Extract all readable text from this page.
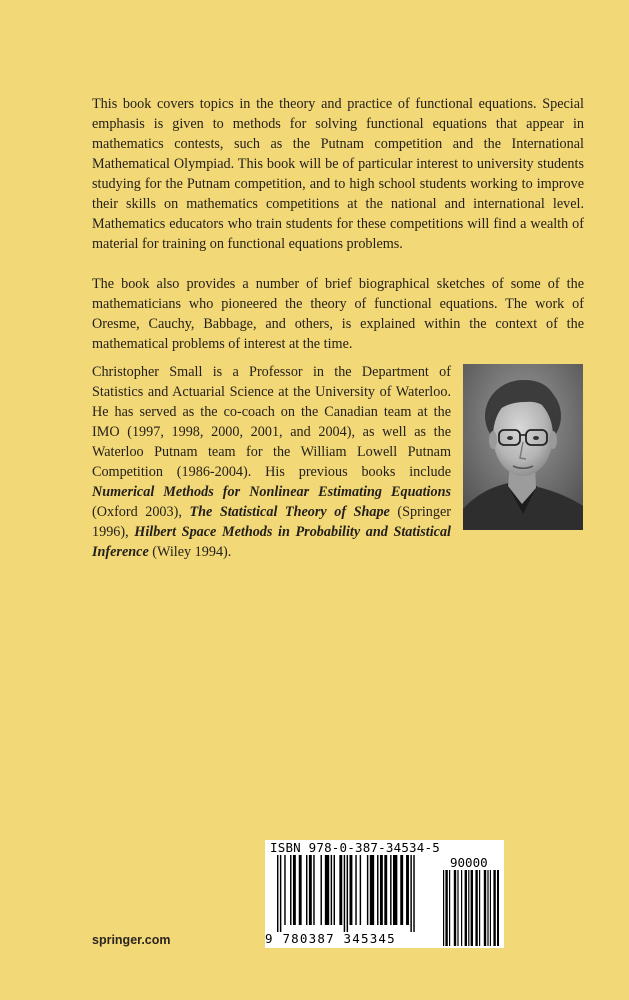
This book covers topics in the theory and practice of functional equations. Special emphasis is given to methods for solving functional equations that appear in mathematics contests, such as the Putnam competition and the International Mathematical Olympiad. This book will be of particular interest to university students studying for the Putnam competition, and to high school students working to improve their skills on mathematics competitions at the national and international level. Mathematics educators who train students for these competitions will find a wealth of material for training on functional equations problems.
The book also provides a number of brief biographical sketches of some of the mathematicians who pioneered the theory of functional equations. The work of Oresme, Cauchy, Babbage, and others, is explained within the context of the mathematical problems of interest at the time.
Christopher Small is a Professor in the Department of Statistics and Actuarial Science at the University of Waterloo. He has served as the co-coach on the Canadian team at the IMO (1997, 1998, 2000, 2001, and 2004), as well as the Waterloo Putnam team for the William Lowell Putnam Competition (1986-2004). His previous books include Numerical Methods for Nonlinear Estimating Equations (Oxford 2003), The Statistical Theory of Shape (Springer 1996), Hilbert Space Methods in Probability and Statistical Inference (Wiley 1994).
ISBN 978-0-387-34534-5
90000
9 780387 345345
springer.com
